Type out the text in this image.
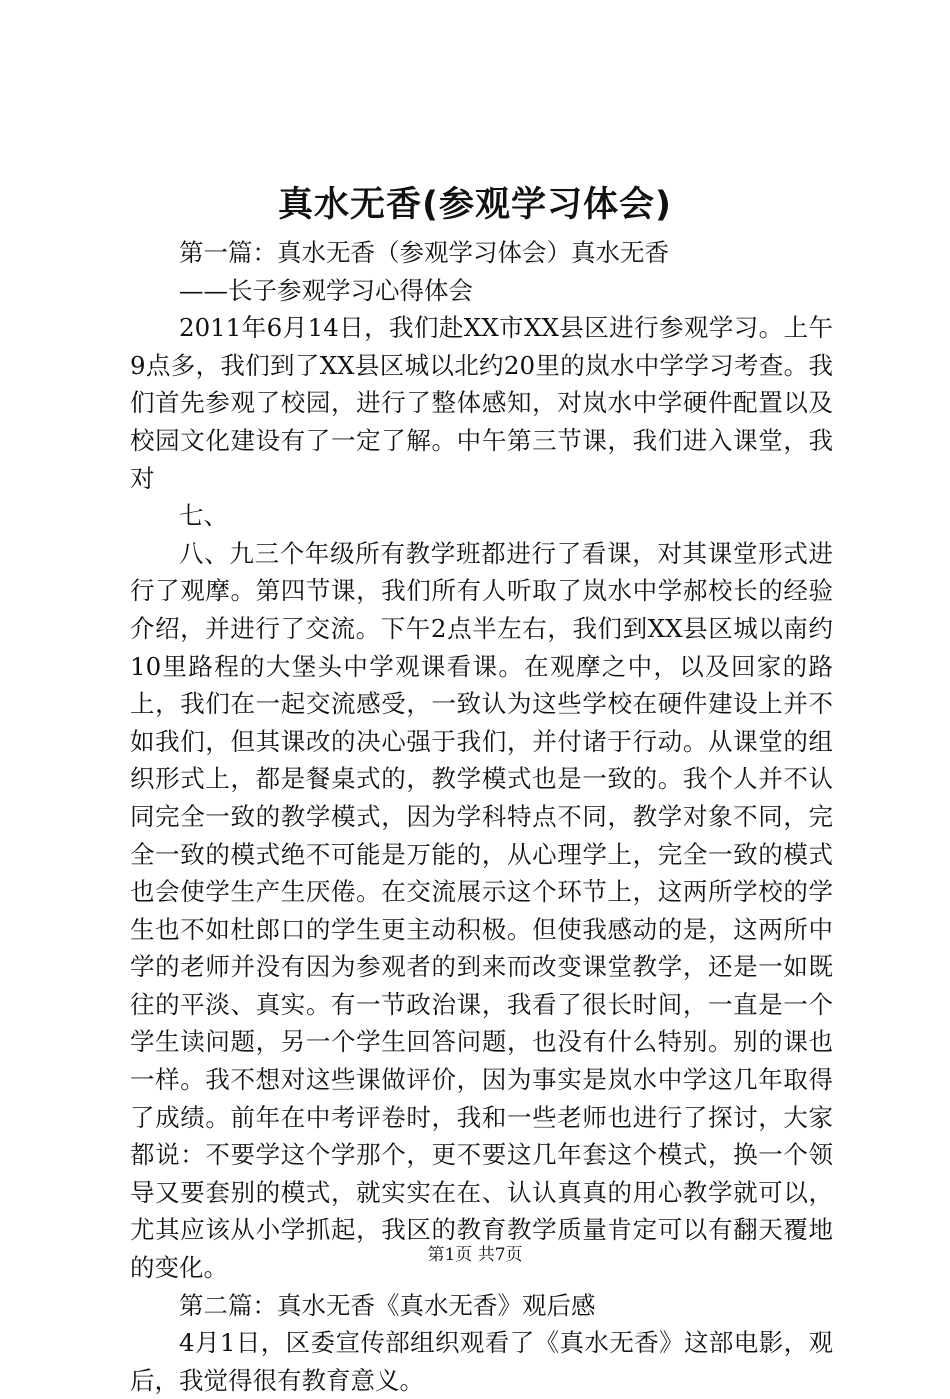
真水无香(参观学习体会)

第一篇：真水无香（参观学习体会）真水无香

——长子参观学习心得体会

2011年6月14日，我们赴XX市XX县区进行参观学习。上午9点多，我们到了XX县区城以北约20里的岚水中学学习考查。我们首先参观了校园，进行了整体感知，对岚水中学硬件配置以及校园文化建设有了一定了解。中午第三节课，我们进入课堂，我对

七、

八、九三个年级所有教学班都进行了看课，对其课堂形式进行了观摩。第四节课，我们所有人听取了岚水中学郝校长的经验介绍，并进行了交流。下午2点半左右，我们到XX县区城以南约10里路程的大堡头中学观课看课。在观摩之中，以及回家的路上，我们在一起交流感受，一致认为这些学校在硬件建设上并不如我们，但其课改的决心强于我们，并付诸于行动。从课堂的组织形式上，都是餐桌式的，教学模式也是一致的。我个人并不认同完全一致的教学模式，因为学科特点不同，教学对象不同，完全一致的模式绝不可能是万能的，从心理学上，完全一致的模式也会使学生产生厌倦。在交流展示这个环节上，这两所学校的学生也不如杜郎口的学生更主动积极。但使我感动的是，这两所中学的老师并没有因为参观者的到来而改变课堂教学，还是一如既往的平淡、真实。有一节政治课，我看了很长时间，一直是一个学生读问题，另一个学生回答问题，也没有什么特别。别的课也一样。我不想对这些课做评价，因为事实是岚水中学这几年取得了成绩。前年在中考评卷时，我和一些老师也进行了探讨，大家都说：不要学这个学那个，更不要这几年套这个模式，换一个领导又要套别的模式，就实实在在、认认真真的用心教学就可以，尤其应该从小学抓起，我区的教育教学质量肯定可以有翻天覆地的变化。

第二篇：真水无香《真水无香》观后感

4月1日，区委宣传部组织观看了《真水无香》这部电影，观后，我觉得很有教育意义。

第1页 共7页
